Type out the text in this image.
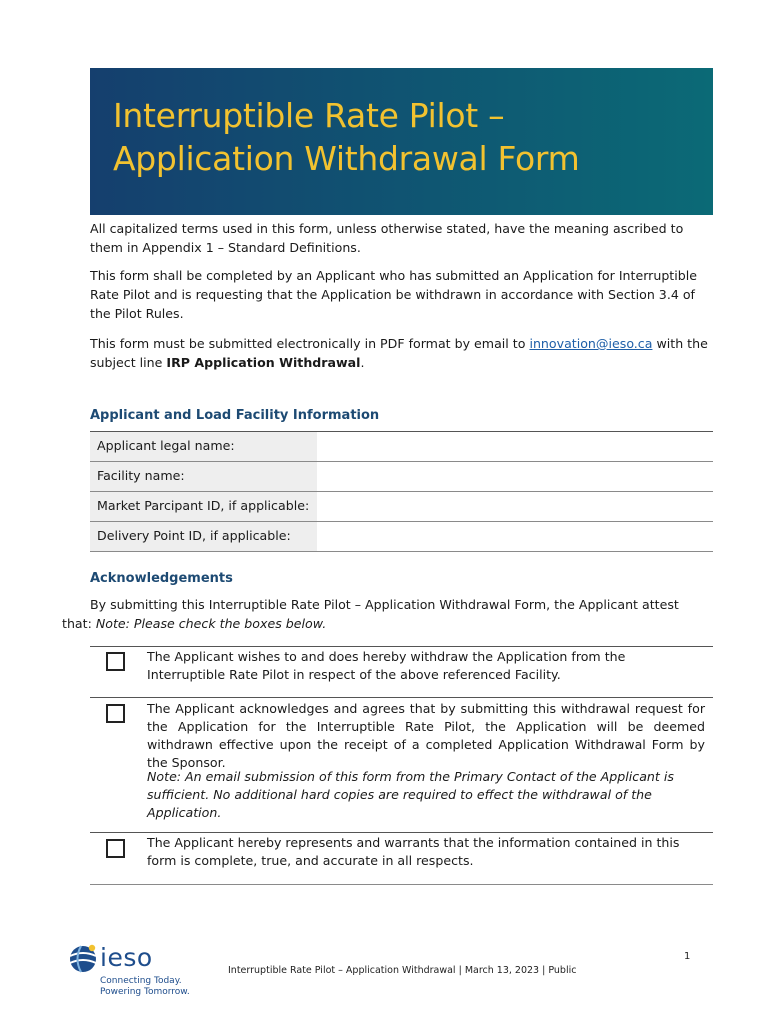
Interruptible Rate Pilot –
Application Withdrawal Form

All capitalized terms used in this form, unless otherwise stated, have the meaning ascribed to them in Appendix 1 – Standard Definitions.

This form shall be completed by an Applicant who has submitted an Application for Interruptible Rate Pilot and is requesting that the Application be withdrawn in accordance with Section 3.4 of the Pilot Rules.

This form must be submitted electronically in PDF format by email to innovation@ieso.ca with the subject line IRP Application Withdrawal.

Applicant and Load Facility Information
Applicant legal name:
Facility name:
Market Parcipant ID, if applicable:
Delivery Point ID, if applicable:
Acknowledgements
By submitting this Interruptible Rate Pilot – Application Withdrawal Form, the Applicant attest
that: Note: Please check the boxes below.

The Applicant wishes to and does hereby withdraw the Application from the Interruptible Rate Pilot in respect of the above referenced Facility.

The Applicant acknowledges and agrees that by submitting this withdrawal request for the Application for the Interruptible Rate Pilot, the Application will be deemed withdrawn effective upon the receipt of a completed Application Withdrawal Form by the Sponsor.

Note: An email submission of this form from the Primary Contact of the Applicant is sufficient. No additional hard copies are required to effect the withdrawal of the Application.

The Applicant hereby represents and warrants that the information contained in this form is complete, true, and accurate in all respects.

ieso
Connecting Today.
Powering Tomorrow.
Interruptible Rate Pilot – Application Withdrawal | March 13, 2023 | Public
1
